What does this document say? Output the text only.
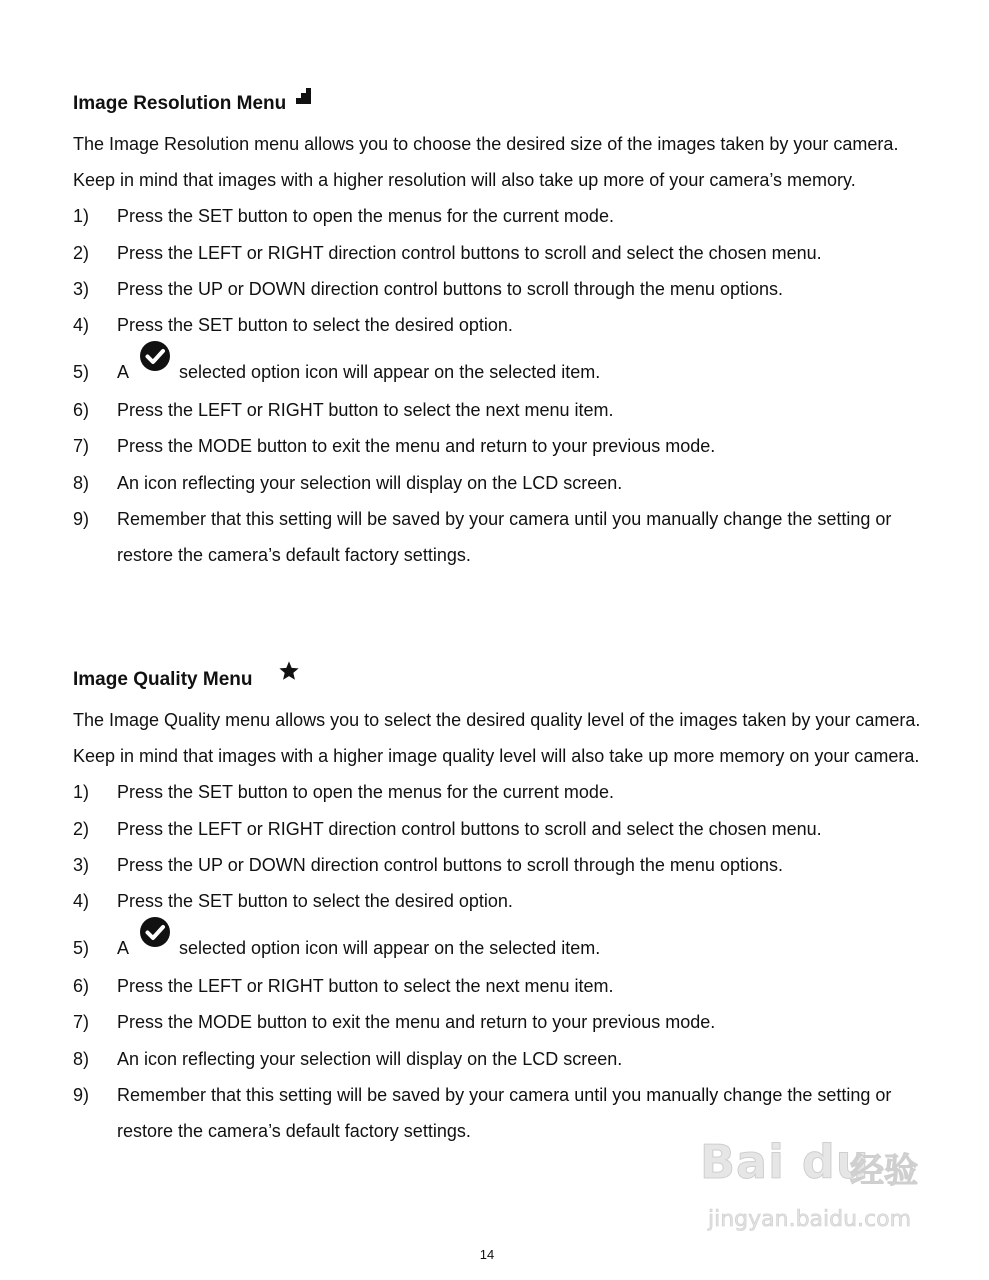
Image Resolution Menu

The Image Resolution menu allows you to choose the desired size of the images taken by your camera. Keep in mind that images with a higher resolution will also take up more of your camera’s memory.

1)	Press the SET button to open the menus for the current mode.
2)	Press the LEFT or RIGHT direction control buttons to scroll and select the chosen menu.
3)	Press the UP or DOWN direction control buttons to scroll through the menu options.
4)	Press the SET button to select the desired option.
5)	A	selected option icon will appear on the selected item.
6)	Press the LEFT or RIGHT button to select the next menu item.
7)	Press the MODE button to exit the menu and return to your previous mode.
8)	An icon reflecting your selection will display on the LCD screen.
9)	Remember that this setting will be saved by your camera until you manually change the setting or restore the camera’s default factory settings.
Image Quality Menu

The Image Quality menu allows you to select the desired quality level of the images taken by your camera. Keep in mind that images with a higher image quality level will also take up more memory on your camera.

1)	Press the SET button to open the menus for the current mode.
2)	Press the LEFT or RIGHT direction control buttons to scroll and select the chosen menu.
3)	Press the UP or DOWN direction control buttons to scroll through the menu options.
4)	Press the SET button to select the desired option.
5)	A	selected option icon will appear on the selected item.
6)	Press the LEFT or RIGHT button to select the next menu item.
7)	Press the MODE button to exit the menu and return to your previous mode.
8)	An icon reflecting your selection will display on the LCD screen.
9)	Remember that this setting will be saved by your camera until you manually change the setting or restore the camera’s default factory settings.
Bai du
经验
jingyan.baidu.com
14
